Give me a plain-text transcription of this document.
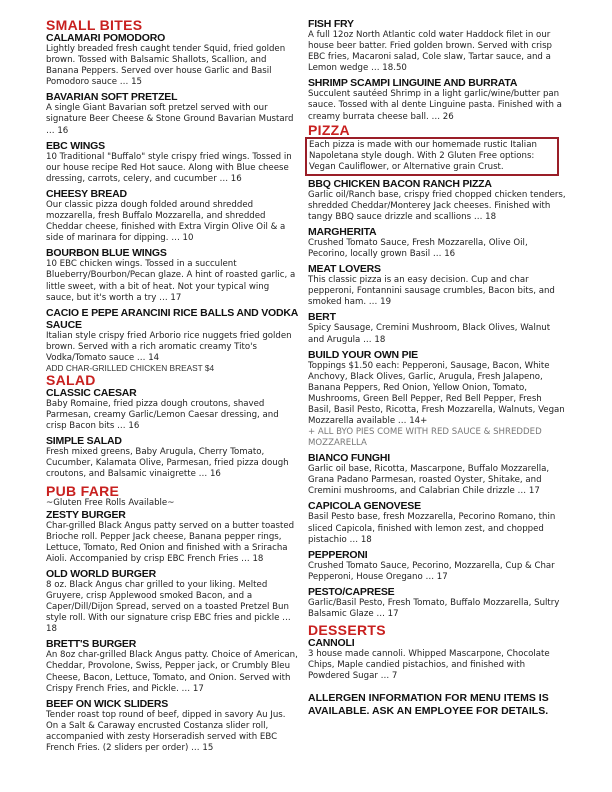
SMALL BITES
CALAMARI POMODORO

Lightly breaded fresh caught tender Squid, fried golden brown. Tossed with Balsamic Shallots, Scallion, and Banana Peppers. Served over house Garlic and Basil Pomodoro sauce … 15

BAVARIAN SOFT PRETZEL

A single Giant Bavarian soft pretzel served with our signature Beer Cheese & Stone Ground Bavarian Mustard … 16

EBC WINGS

10 Traditional "Buffalo" style crispy fried wings. Tossed in our house recipe Red Hot sauce. Along with Blue cheese dressing, carrots, celery, and cucumber … 16

CHEESY BREAD

Our classic pizza dough folded around shredded mozzarella, fresh Buffalo Mozzarella, and shredded Cheddar cheese, finished with Extra Virgin Olive Oil & a side of marinara for dipping. … 10

BOURBON BLUE WINGS

10 EBC chicken wings. Tossed in a succulent Blueberry/Bourbon/Pecan glaze. A hint of roasted garlic, a little sweet, with a bit of heat. Not your typical wing sauce, but it's worth a try … 17

CACIO E PEPE ARANCINI RICE BALLS AND VODKA SAUCE

Italian style crispy fried Arborio rice nuggets fried golden brown. Served with a rich aromatic creamy Tito's Vodka/Tomato sauce … 14

ADD CHAR-GRILLED CHICKEN BREAST $4
SALAD
CLASSIC CAESAR

Baby Romaine, fried pizza dough croutons, shaved Parmesan, creamy Garlic/Lemon Caesar dressing, and crisp Bacon bits … 16

SIMPLE SALAD

Fresh mixed greens, Baby Arugula, Cherry Tomato, Cucumber, Kalamata Olive, Parmesan, fried pizza dough croutons, and Balsamic vinaigrette … 16

PUB FARE

~Gluten Free Rolls Available~

ZESTY BURGER

Char-grilled Black Angus patty served on a butter toasted Brioche roll. Pepper Jack cheese, Banana pepper rings, Lettuce, Tomato, Red Onion and finished with a Sriracha Aioli. Accompanied by crisp EBC French Fries … 18

OLD WORLD BURGER

8 oz. Black Angus char grilled to your liking. Melted Gruyere, crisp Applewood smoked Bacon, and a Caper/Dill/Dijon Spread, served on a toasted Pretzel Bun style roll. With our signature crisp EBC fries and pickle … 18

BRETT'S BURGER

An 8oz char-grilled Black Angus patty. Choice of American, Cheddar, Provolone, Swiss, Pepper jack, or Crumbly Bleu Cheese, Bacon, Lettuce, Tomato, and Onion. Served with Crispy French Fries, and Pickle. … 17

BEEF ON WICK SLIDERS

Tender roast top round of beef, dipped in savory Au Jus. On a Salt & Caraway encrusted Costanza slider roll, accompanied with zesty Horseradish served with EBC French Fries. (2 sliders per order) … 15

FISH FRY

A full 12oz North Atlantic cold water Haddock filet in our house beer batter. Fried golden brown. Served with crisp EBC fries, Macaroni salad, Cole slaw, Tartar sauce, and a Lemon wedge … 18.50

SHRIMP SCAMPI LINGUINE AND BURRATA

Succulent sautéed Shrimp in a light garlic/wine/butter pan sauce. Tossed with al dente Linguine pasta. Finished with a creamy burrata cheese ball. … 26

PIZZA

Each pizza is made with our homemade rustic Italian Napoletana style dough. With 2 Gluten Free options: Vegan Cauliflower, or Alternative grain Crust.

BBQ CHICKEN BACON RANCH PIZZA

Garlic oil/Ranch base, crispy fried chopped chicken tenders, shredded Cheddar/Monterey Jack cheeses. Finished with tangy BBQ sauce drizzle and scallions … 18

MARGHERITA

Crushed Tomato Sauce, Fresh Mozzarella, Olive Oil, Pecorino, locally grown Basil … 16

MEAT LOVERS

This classic pizza is an easy decision. Cup and char pepperoni, Fontannini sausage crumbles, Bacon bits, and smoked ham. … 19

BERT

Spicy Sausage, Cremini Mushroom, Black Olives, Walnut and Arugula … 18

BUILD YOUR OWN PIE

Toppings $1.50 each: Pepperoni, Sausage, Bacon, White Anchovy, Black Olives, Garlic, Arugula, Fresh Jalapeno, Banana Peppers, Red Onion, Yellow Onion, Tomato, Mushrooms, Green Bell Pepper, Red Bell Pepper, Fresh Basil, Basil Pesto, Ricotta, Fresh Mozzarella, Walnuts, Vegan Mozzarella available … 14+

+ ALL BYO PIES COME WITH RED SAUCE & SHREDDED MOZZARELLA

BIANCO FUNGHI

Garlic oil base, Ricotta, Mascarpone, Buffalo Mozzarella, Grana Padano Parmesan, roasted Oyster, Shitake, and Cremini mushrooms, and Calabrian Chile drizzle … 17

CAPICOLA GENOVESE

Basil Pesto base, fresh Mozzarella, Pecorino Romano, thin sliced Capicola, finished with lemon zest, and chopped pistachio … 18

PEPPERONI

Crushed Tomato Sauce, Pecorino, Mozzarella, Cup & Char Pepperoni, House Oregano … 17

PESTO/CAPRESE

Garlic/Basil Pesto, Fresh Tomato, Buffalo Mozzarella, Sultry Balsamic Glaze … 17

DESSERTS
CANNOLI

3 house made cannoli. Whipped Mascarpone, Chocolate Chips, Maple candied pistachios, and finished with Powdered Sugar … 7

ALLERGEN INFORMATION FOR MENU ITEMS IS AVAILABLE. ASK AN EMPLOYEE FOR DETAILS.
